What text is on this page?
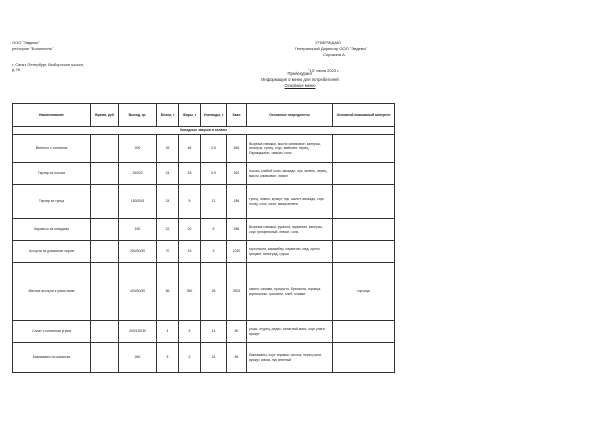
ООО "Эвдемо"
ресторан "Бопионель"
г. Санкт-Петербург, Выборгское шоссе,
д.78
УТВЕРЖДАЮ
Генеральный Директор ООО "Эвдемо"
Сорокина А.
"15" июня 2023 г.
Прейскурант
Информация о меню для потребителей
Основное меню
Наименование	Время, руб	Выход, гр.	Белки, г	Жиры, г	Углеводы, г	Ккал	Основные ингредиенты	Основной возможный аллерген
Холодные закуски и салаты								
Вителло с тоннатом		200	26	46	0.5	545	Вырезка говяжья, масло оливковое, каперсы, анчоусы, тунец, соус, майонез, перец, Пармиджано, тимьян, соль	
Тартар из лосося		150/20	24	18	0.5	262	лосось слабой соли, авокадо, лук, зелень, перец, масло оливковое, лимон	
Тартар из тунца		150/20/5	24	5	12	186	тунец, лимон, кунжут, лук, шалот, авокадо, соус понзу, соль, чили, микрозелень	
Карпаччо из говядины		150	22	20	5	286	Вырезка говяжья, руккола, пармезан, каперсы, соус трюфельный, лимон, соль	
Ассорти из домашних сыров		200/30/30	70	43	3	1020	горгонзола, камамбер, пармезан, мед, орехи грецкие, виноград, груша	
Мясное ассорти к гриль-вине		420/30/30	66	350	25	3923	хамон, салями, прошутто, бресаола, горчица, корнишоны, гриссини, хлеб, оливки	горчица
Салат с копченым угрем		200/120/30	4	5	14	80	угорь, огурец, редис, салатный микс, соус унаги, кунжут	
Баклажаны по-азиатски		260	5	3	24	65	баклажаны, соус терияки, чеснок, перец чили, кунжут, кинза, лук зеленый	
